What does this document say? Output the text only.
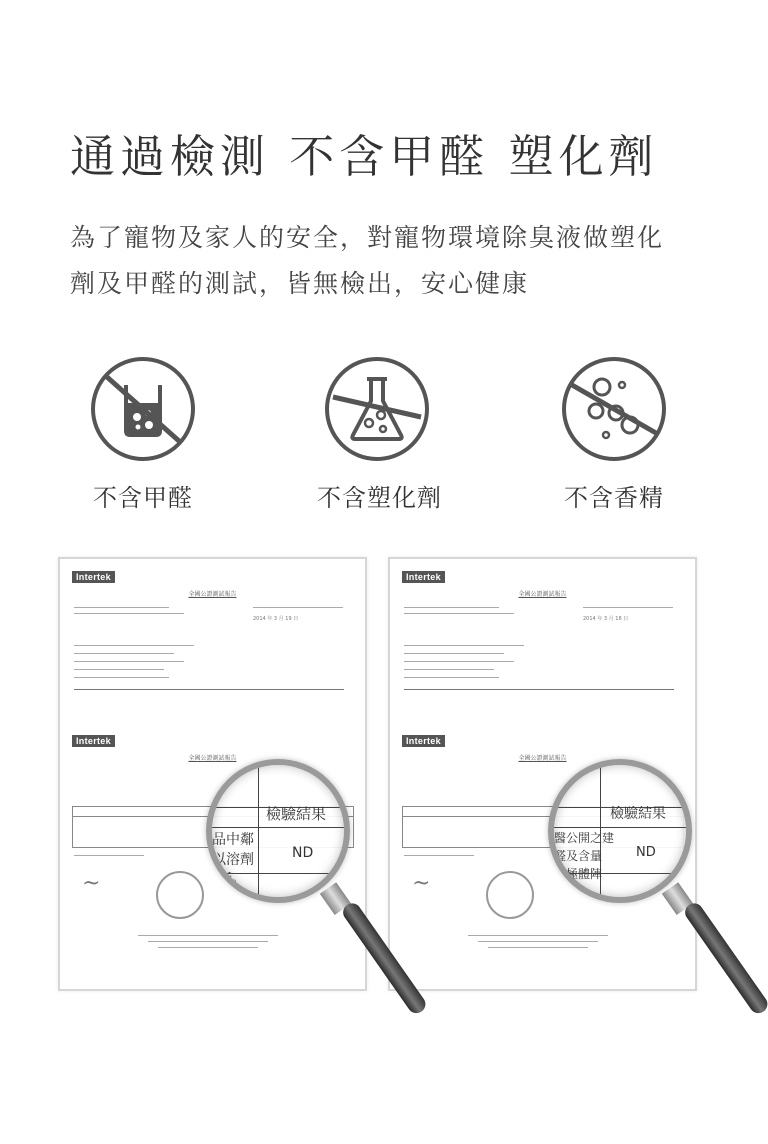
通過檢測 不含甲醛 塑化劑
為了寵物及家人的安全，對寵物環境除臭液做塑化
劑及甲醛的測試，皆無檢出，安心健康
不含甲醛	不含塑化劑	不含香精
Intertek
全國公證測試報告
2014 年 3 月 19 日
Intertek
全國公證測試報告
~
Intertek
全國公證測試報告
2014 年 3 月 18 日
Intertek
全國公證測試報告
~
檢驗結果
ND
品中鄰
以溶劑
析。
檢驗結果
ND
醫公開之建
醛及含量
二極體陣
